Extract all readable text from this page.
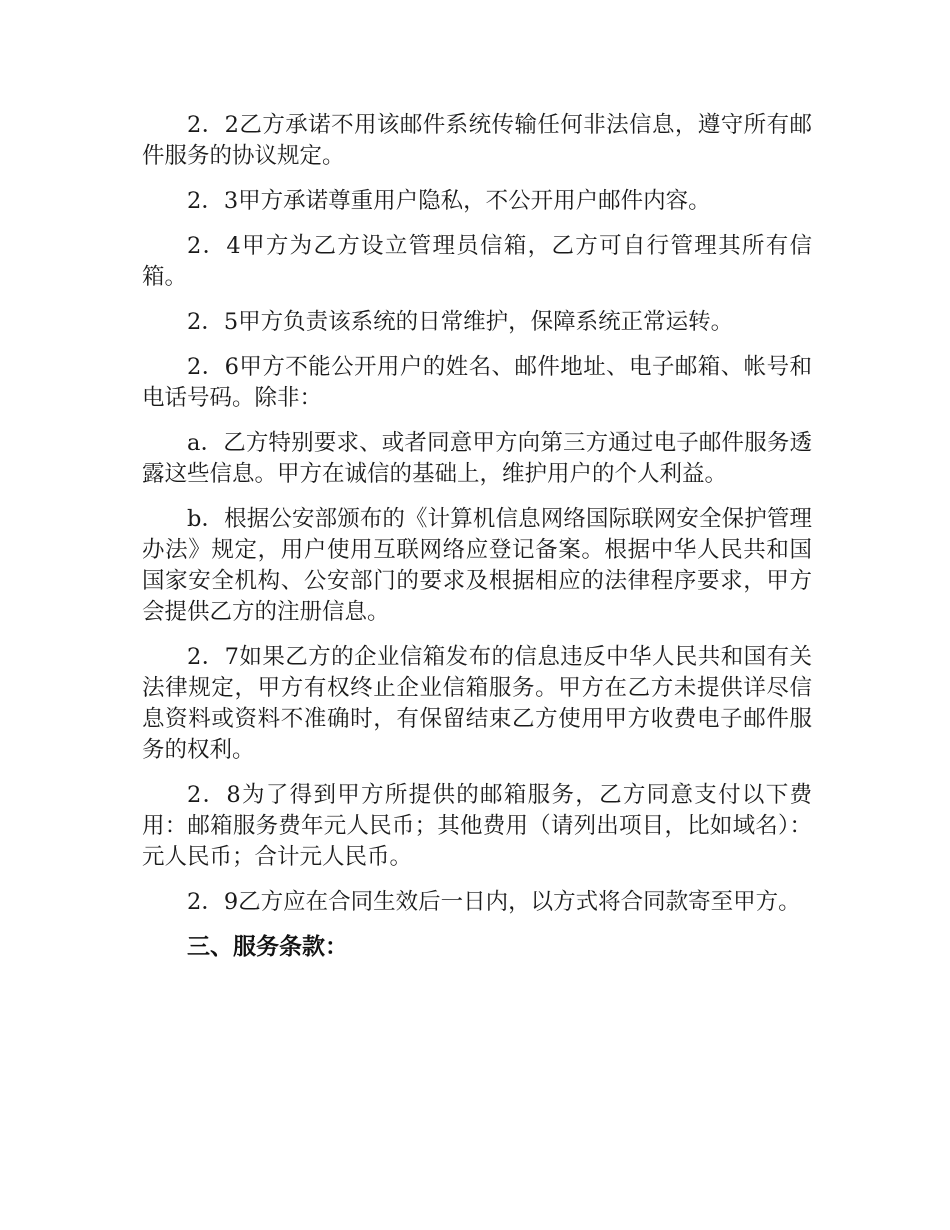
2．2乙方承诺不用该邮件系统传输任何非法信息，遵守所有邮件服务的协议规定。

2．3甲方承诺尊重用户隐私，不公开用户邮件内容。

2．4甲方为乙方设立管理员信箱，乙方可自行管理其所有信箱。

2．5甲方负责该系统的日常维护，保障系统正常运转。

2．6甲方不能公开用户的姓名、邮件地址、电子邮箱、帐号和电话号码。除非：

a．乙方特别要求、或者同意甲方向第三方通过电子邮件服务透露这些信息。甲方在诚信的基础上，维护用户的个人利益。

b．根据公安部颁布的《计算机信息网络国际联网安全保护管理办法》规定，用户使用互联网络应登记备案。根据中华人民共和国国家安全机构、公安部门的要求及根据相应的法律程序要求，甲方会提供乙方的注册信息。

2．7如果乙方的企业信箱发布的信息违反中华人民共和国有关法律规定，甲方有权终止企业信箱服务。甲方在乙方未提供详尽信息资料或资料不准确时，有保留结束乙方使用甲方收费电子邮件服务的权利。

2．8为了得到甲方所提供的邮箱服务，乙方同意支付以下费用：邮箱服务费年元人民币；其他费用（请列出项目，比如域名）：元人民币；合计元人民币。

2．9乙方应在合同生效后一日内，以方式将合同款寄至甲方。

三、服务条款：
